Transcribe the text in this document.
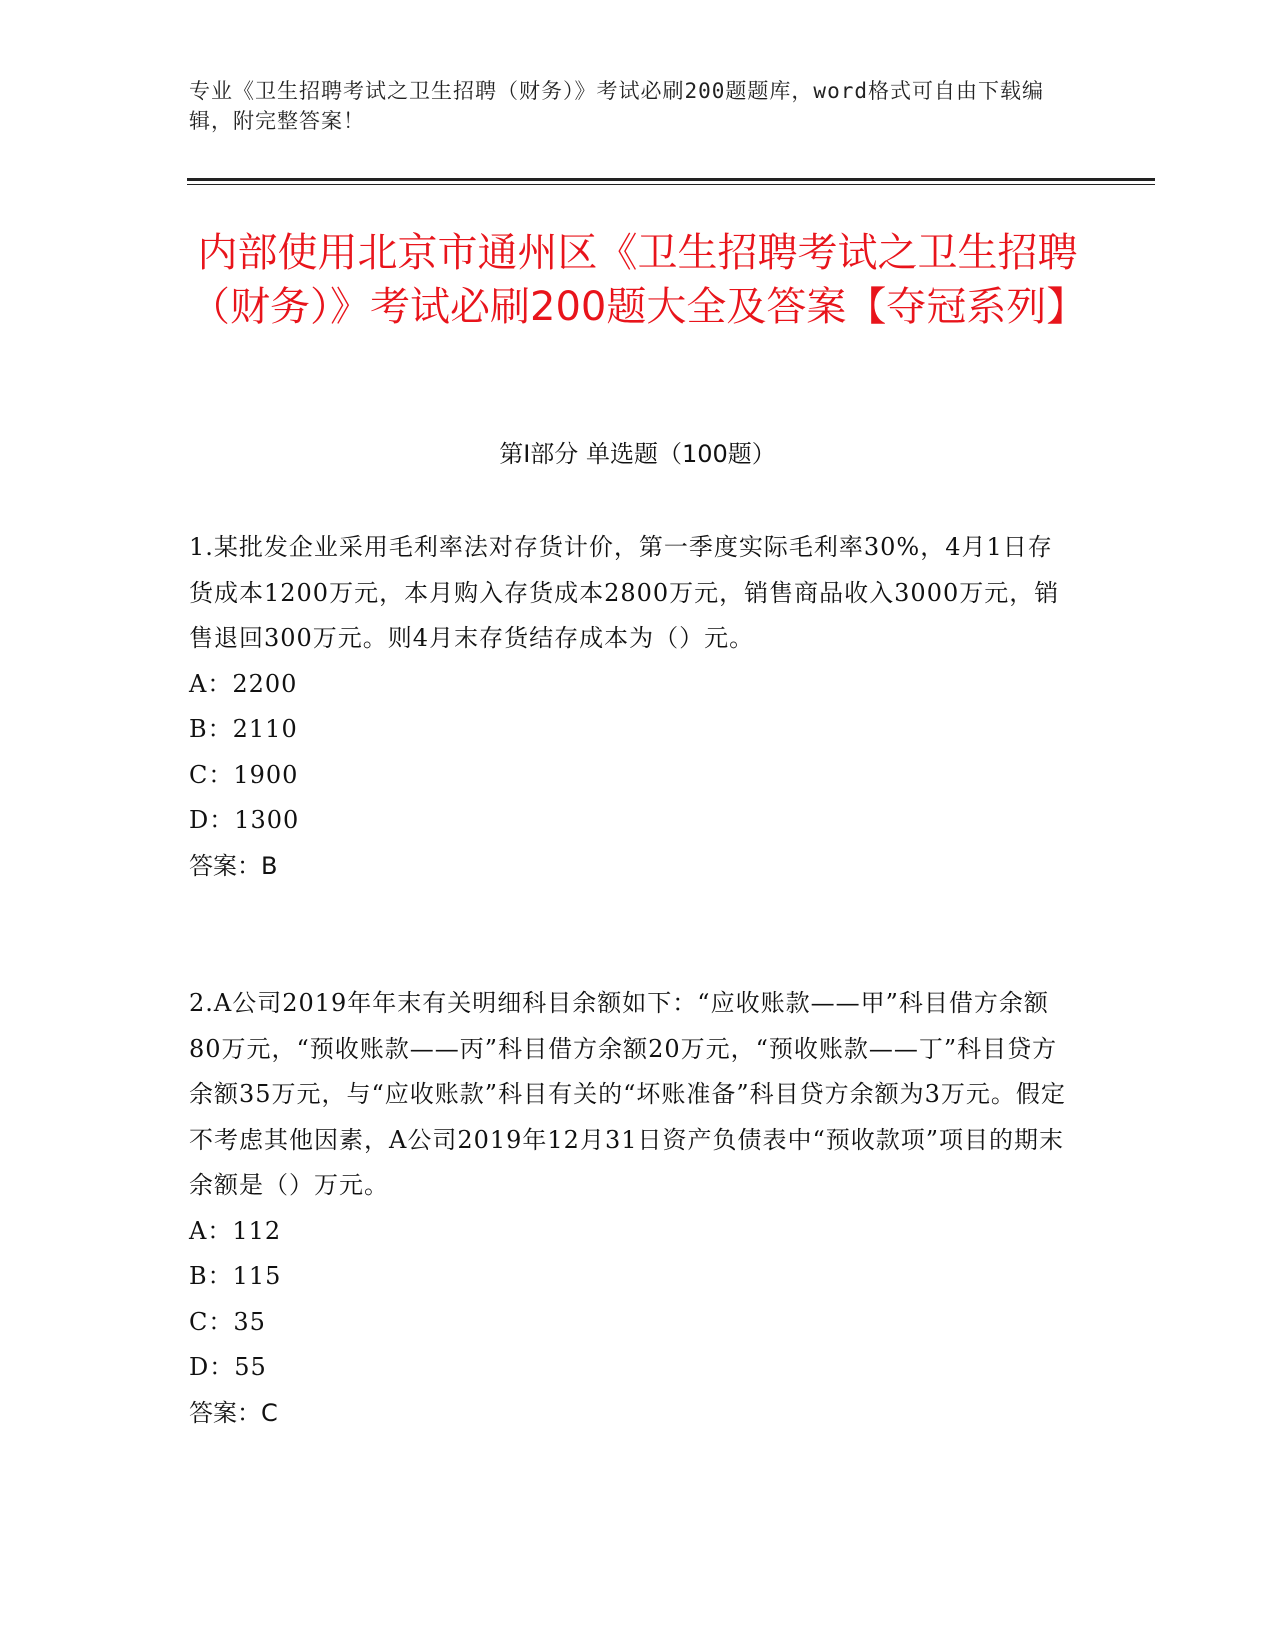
专业《卫生招聘考试之卫生招聘（财务）》考试必刷200题题库，word格式可自由下载编辑，附完整答案！
内部使用北京市通州区《卫生招聘考试之卫生招聘（财务）》考试必刷200题大全及答案【夺冠系列】
第I部分 单选题（100题）

1.某批发企业采用毛利率法对存货计价，第一季度实际毛利率30%，4月1日存货成本1200万元，本月购入存货成本2800万元，销售商品收入3000万元，销售退回300万元。则4月末存货结存成本为（）元。

A：2200

B：2110

C：1900

D：1300

答案：B

2.A公司2019年年末有关明细科目余额如下：“应收账款——甲”科目借方余额80万元，“预收账款——丙”科目借方余额20万元，“预收账款——丁”科目贷方余额35万元，与“应收账款”科目有关的“坏账准备”科目贷方余额为3万元。假定不考虑其他因素，A公司2019年12月31日资产负债表中“预收款项”项目的期末余额是（）万元。

A：112

B：115

C：35

D：55

答案：C
